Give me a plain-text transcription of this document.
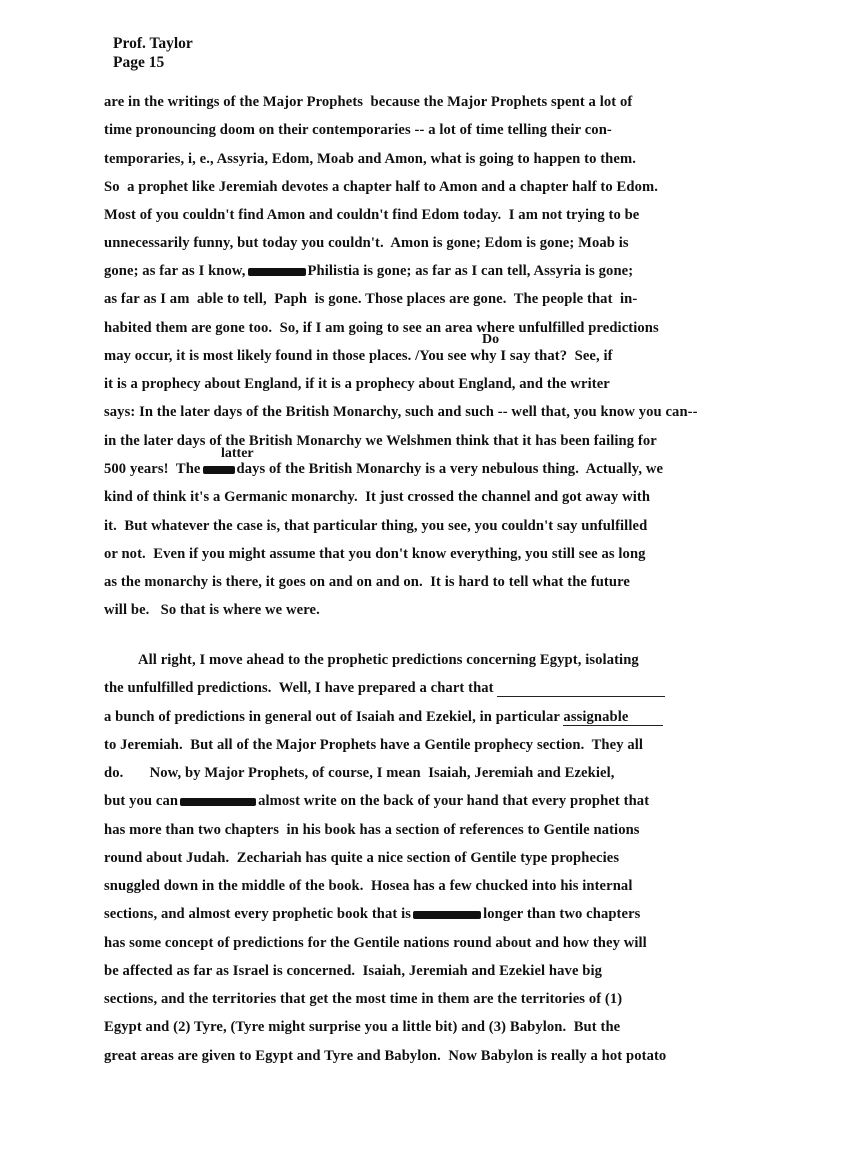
Prof. Taylor
Page 15
are in the writings of the Major Prophets  because the Major Prophets spent a lot of
time pronouncing doom on their contemporaries -- a lot of time telling their con-
temporaries, i, e., Assyria, Edom, Moab and Amon, what is going to happen to them.
So  a prophet like Jeremiah devotes a chapter half to Amon and a chapter half to Edom.
Most of you couldn't find Amon and couldn't find Edom today.  I am not trying to be
unnecessarily funny, but today you couldn't.  Amon is gone; Edom is gone; Moab is
gone; as far as I know,	Philistia is gone; as far as I can tell, Assyria is gone;
as far as I am  able to tell,  Paph  is gone. Those places are gone.  The people that  in-
habited them are gone too.  So, if I am going to see an area where unfulfilled predictions
Do
may occur, it is most likely found in those places. /You see why I say that?  See, if
it is a prophecy about England, if it is a prophecy about England, and the writer
says: In the later days of the British Monarchy, such and such -- well that, you know you can--
in the later days of the British Monarchy we Welshmen think that it has been failing for
latter
500 years!  The days of the British Monarchy is a very nebulous thing.  Actually, we
kind of think it's a Germanic monarchy.  It just crossed the channel and got away with
it.  But whatever the case is, that particular thing, you see, you couldn't say unfulfilled
or not.  Even if you might assume that you don't know everything, you still see as long
as the monarchy is there, it goes on and on and on.  It is hard to tell what the future
will be.   So that is where we were.
All right, I move ahead to the prophetic predictions concerning Egypt, isolating
the unfulfilled predictions.  Well, I have prepared a chart that
a bunch of predictions in general out of Isaiah and Ezekiel, in particular assignable
to Jeremiah.  But all of the Major Prophets have a Gentile prophecy section.  They all
do. Now, by Major Prophets, of course, I mean  Isaiah, Jeremiah and Ezekiel,
but you can	almost write on the back of your hand that every prophet that
has more than two chapters  in his book has a section of references to Gentile nations
round about Judah.  Zechariah has quite a nice section of Gentile type prophecies
snuggled down in the middle of the book.  Hosea has a few chucked into his internal
sections, and almost every prophetic book that is	longer than two chapters
has some concept of predictions for the Gentile nations round about and how they will
be affected as far as Israel is concerned.  Isaiah, Jeremiah and Ezekiel have big
sections, and the territories that get the most time in them are the territories of (1)
Egypt and (2) Tyre, (Tyre might surprise you a little bit) and (3) Babylon.  But the
great areas are given to Egypt and Tyre and Babylon.  Now Babylon is really a hot potato
